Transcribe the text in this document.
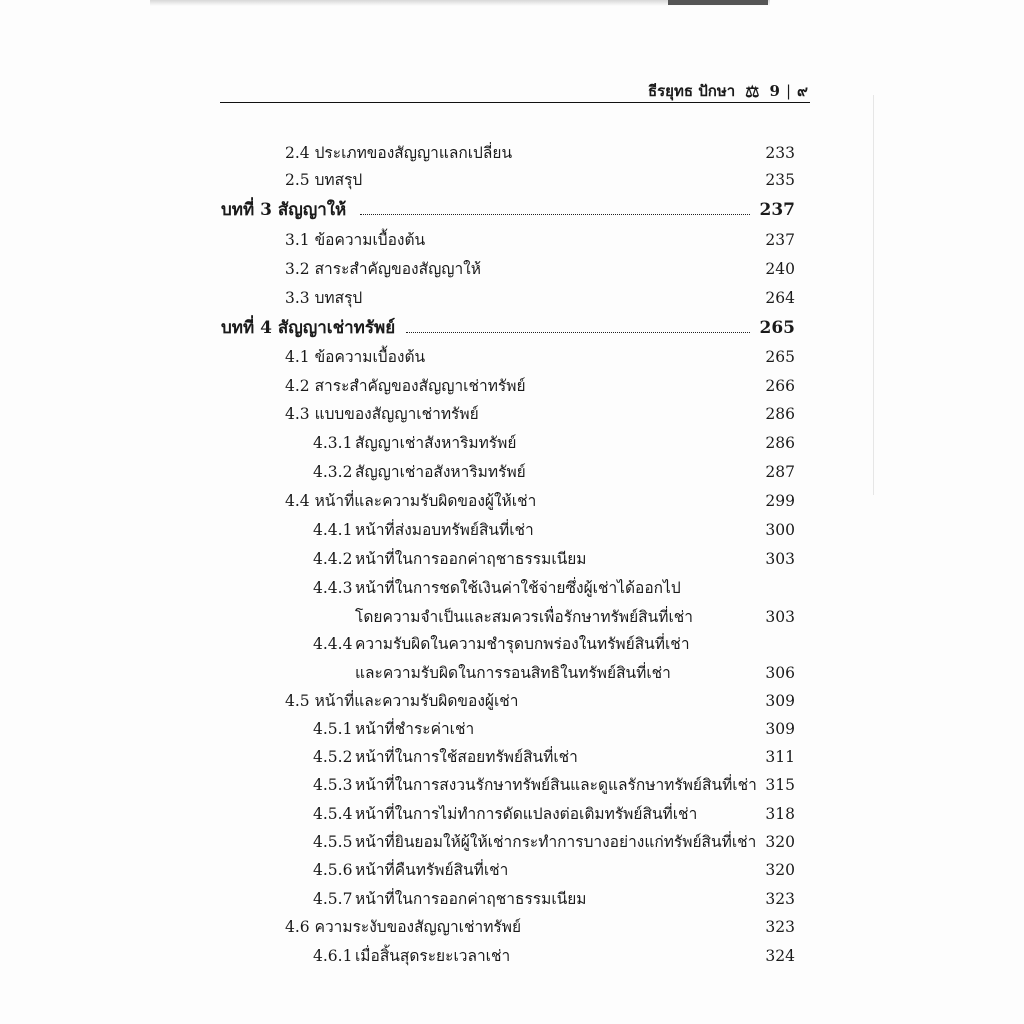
ธีรยุทธ ปักษา ⚖ 9 | ๙
2.4 ประเภทของสัญญาแลกเปลี่ยน	233
2.5 บทสรุป	235
บทที่ 3 สัญญาให้	237
3.1 ข้อความเบื้องต้น	237
3.2 สาระสำคัญของสัญญาให้	240
3.3 บทสรุป	264
บทที่ 4 สัญญาเช่าทรัพย์	265
4.1 ข้อความเบื้องต้น	265
4.2 สาระสำคัญของสัญญาเช่าทรัพย์	266
4.3 แบบของสัญญาเช่าทรัพย์	286
4.3.1 สัญญาเช่าสังหาริมทรัพย์	286
4.3.2 สัญญาเช่าอสังหาริมทรัพย์	287
4.4 หน้าที่และความรับผิดของผู้ให้เช่า	299
4.4.1 หน้าที่ส่งมอบทรัพย์สินที่เช่า	300
4.4.2 หน้าที่ในการออกค่าฤชาธรรมเนียม	303
4.4.3 หน้าที่ในการชดใช้เงินค่าใช้จ่ายซึ่งผู้เช่าได้ออกไป
โดยความจำเป็นและสมควรเพื่อรักษาทรัพย์สินที่เช่า	303
4.4.4 ความรับผิดในความชำรุดบกพร่องในทรัพย์สินที่เช่า
และความรับผิดในการรอนสิทธิในทรัพย์สินที่เช่า	306
4.5 หน้าที่และความรับผิดของผู้เช่า	309
4.5.1 หน้าที่ชำระค่าเช่า	309
4.5.2 หน้าที่ในการใช้สอยทรัพย์สินที่เช่า	311
4.5.3 หน้าที่ในการสงวนรักษาทรัพย์สินและดูแลรักษาทรัพย์สินที่เช่า 315
4.5.4 หน้าที่ในการไม่ทำการดัดแปลงต่อเติมทรัพย์สินที่เช่า	318
4.5.5 หน้าที่ยินยอมให้ผู้ให้เช่ากระทำการบางอย่างแก่ทรัพย์สินที่เช่า 320
4.5.6 หน้าที่คืนทรัพย์สินที่เช่า	320
4.5.7 หน้าที่ในการออกค่าฤชาธรรมเนียม	323
4.6 ความระงับของสัญญาเช่าทรัพย์	323
4.6.1 เมื่อสิ้นสุดระยะเวลาเช่า	324
